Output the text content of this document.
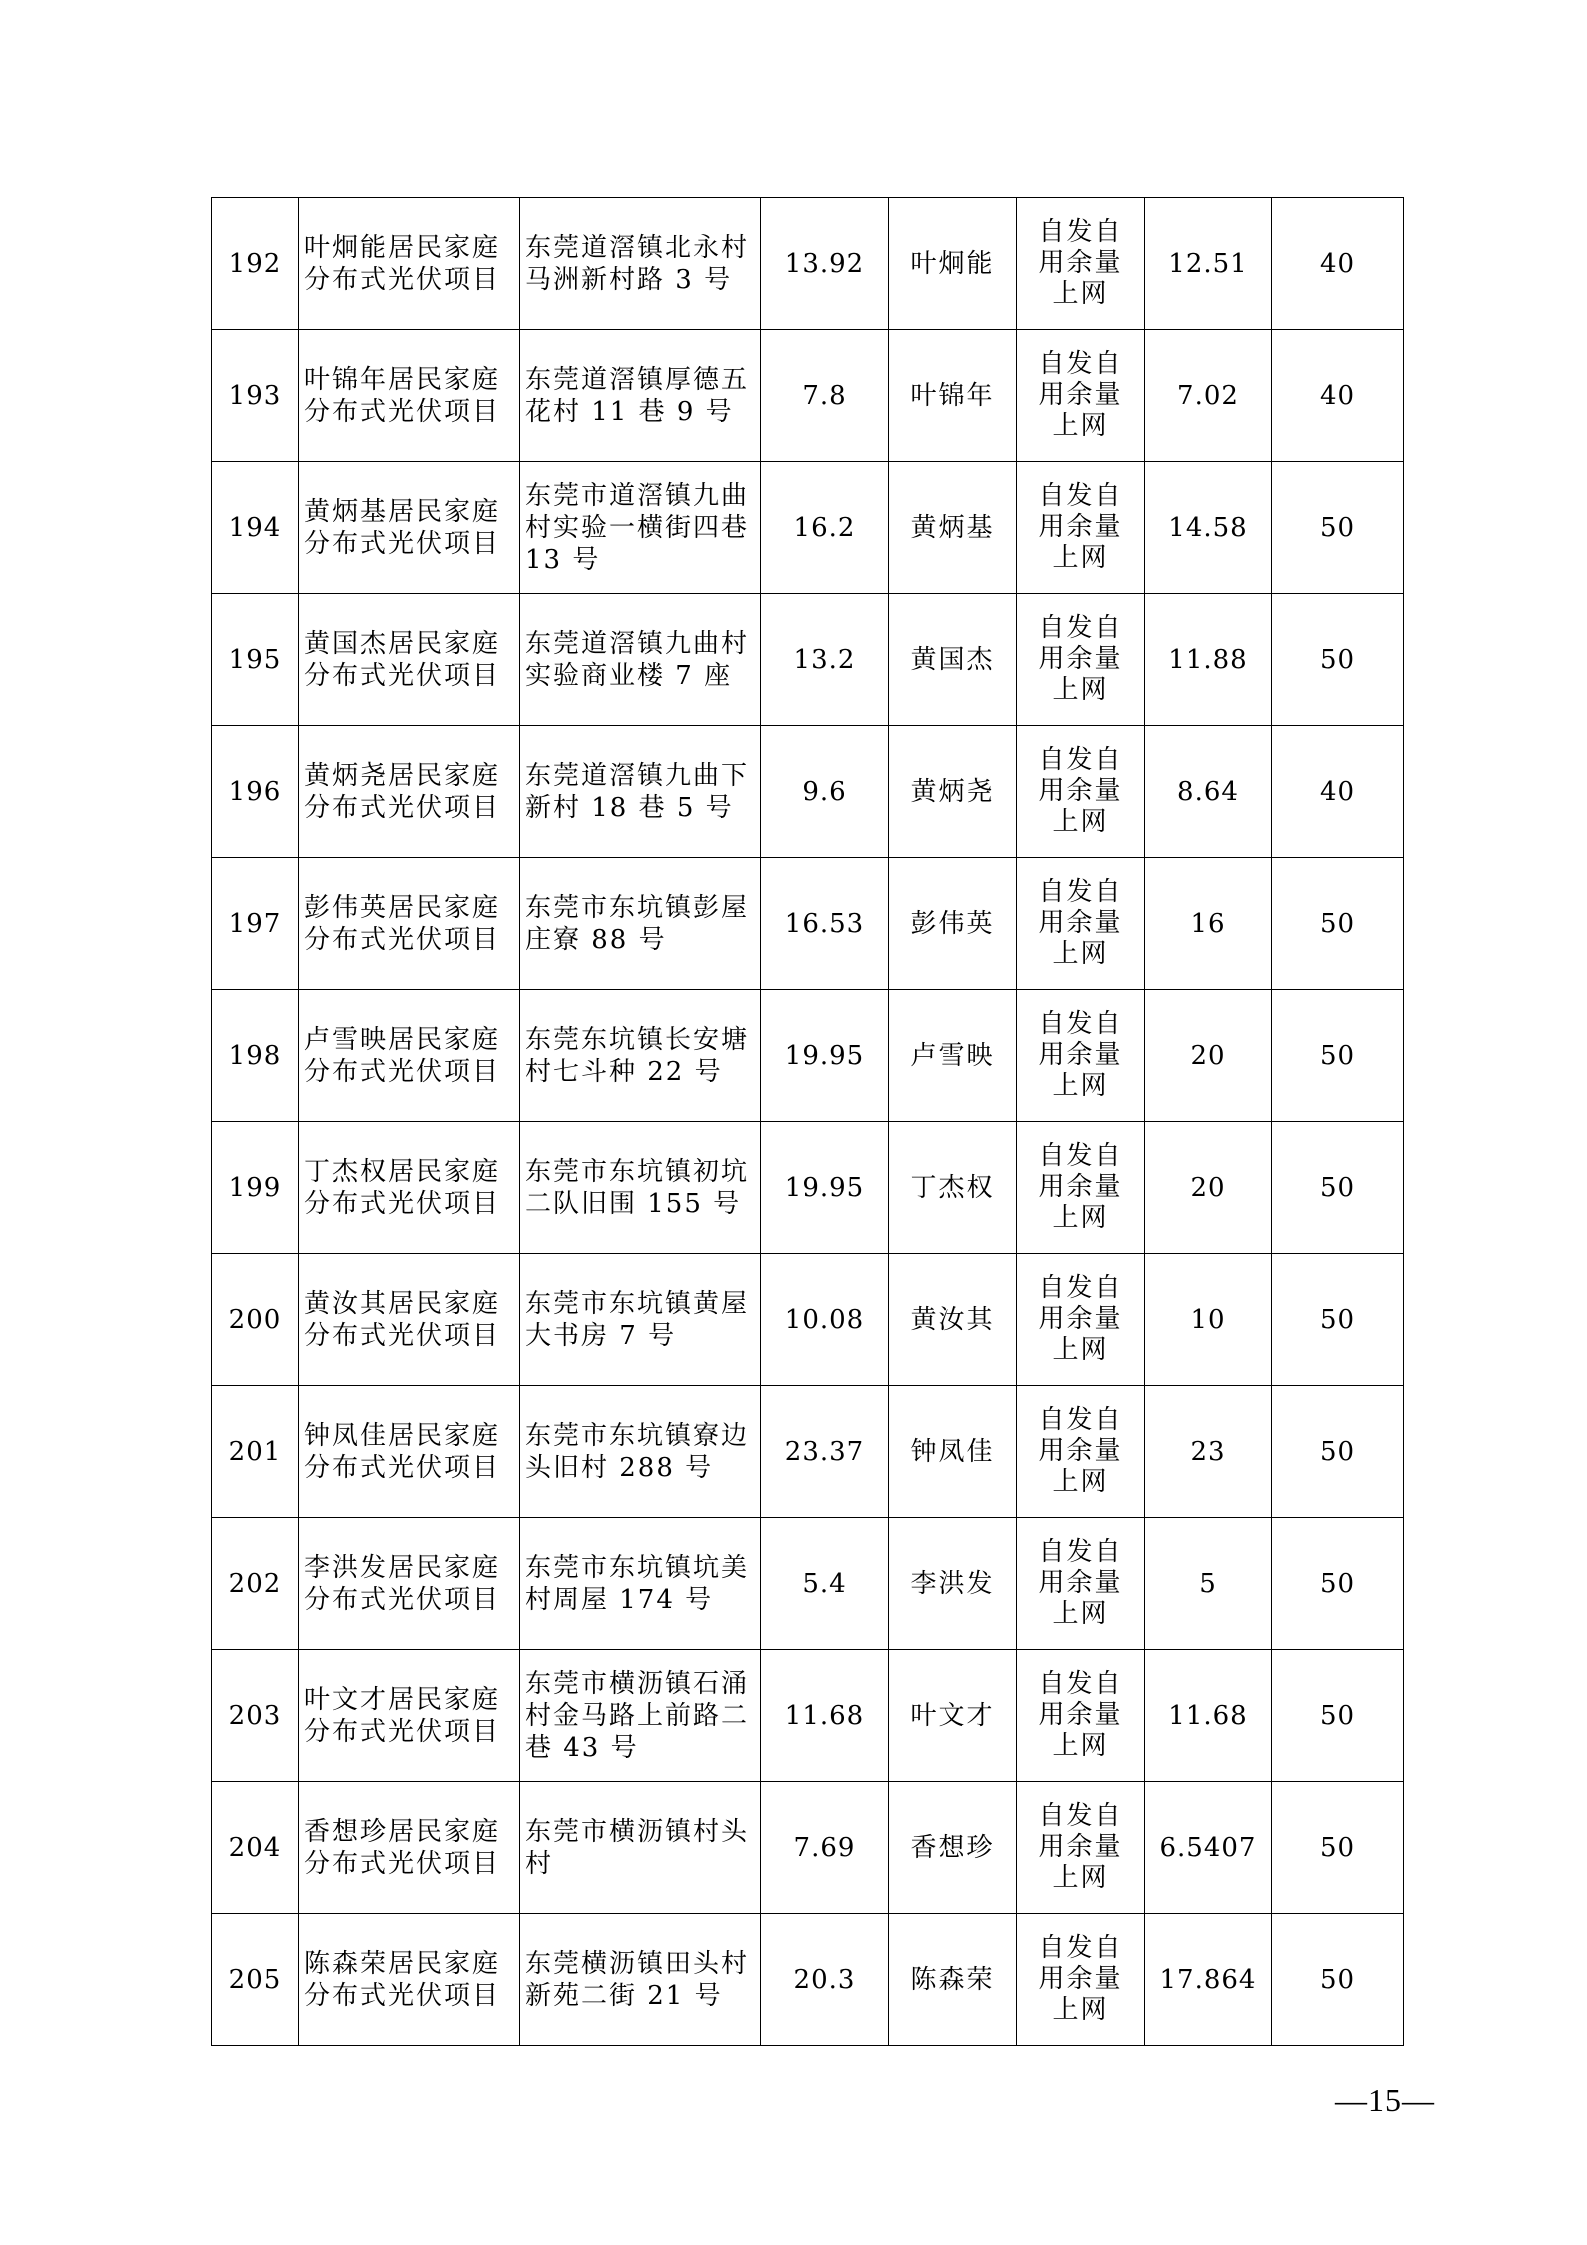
192	叶炯能居民家庭分布式光伏项目	东莞道滘镇北永村马洲新村路 3 号	13.92	叶炯能	自发自用余量上网	12.51	40

193	叶锦年居民家庭分布式光伏项目	东莞道滘镇厚德五花村 11 巷 9 号	7.8	叶锦年	自发自用余量上网	7.02	40

194	黄炳基居民家庭分布式光伏项目	东莞市道滘镇九曲村实验一横街四巷 13 号	16.2	黄炳基	自发自用余量上网	14.58	50

195	黄国杰居民家庭分布式光伏项目	东莞道滘镇九曲村实验商业楼 7 座	13.2	黄国杰	自发自用余量上网	11.88	50

196	黄炳尧居民家庭分布式光伏项目	东莞道滘镇九曲下新村 18 巷 5 号	9.6	黄炳尧	自发自用余量上网	8.64	40

197	彭伟英居民家庭分布式光伏项目	东莞市东坑镇彭屋庄寮 88 号	16.53	彭伟英	自发自用余量上网	16	50

198	卢雪映居民家庭分布式光伏项目	东莞东坑镇长安塘村七斗种 22 号	19.95	卢雪映	自发自用余量上网	20	50

199	丁杰权居民家庭分布式光伏项目	东莞市东坑镇初坑二队旧围 155 号	19.95	丁杰权	自发自用余量上网	20	50

200	黄汝其居民家庭分布式光伏项目	东莞市东坑镇黄屋大书房 7 号	10.08	黄汝其	自发自用余量上网	10	50

201	钟凤佳居民家庭分布式光伏项目	东莞市东坑镇寮边头旧村 288 号	23.37	钟凤佳	自发自用余量上网	23	50

202	李洪发居民家庭分布式光伏项目	东莞市东坑镇坑美村周屋 174 号	5.4	李洪发	自发自用余量上网	5	50

203	叶文才居民家庭分布式光伏项目	东莞市横沥镇石涌村金马路上前路二巷 43 号	11.68	叶文才	自发自用余量上网	11.68	50

204	香想珍居民家庭分布式光伏项目	东莞市横沥镇村头村	7.69	香想珍	自发自用余量上网	6.5407	50

205	陈森荣居民家庭分布式光伏项目	东莞横沥镇田头村新苑二街 21 号	20.3	陈森荣	自发自用余量上网	17.864	50
—15—
